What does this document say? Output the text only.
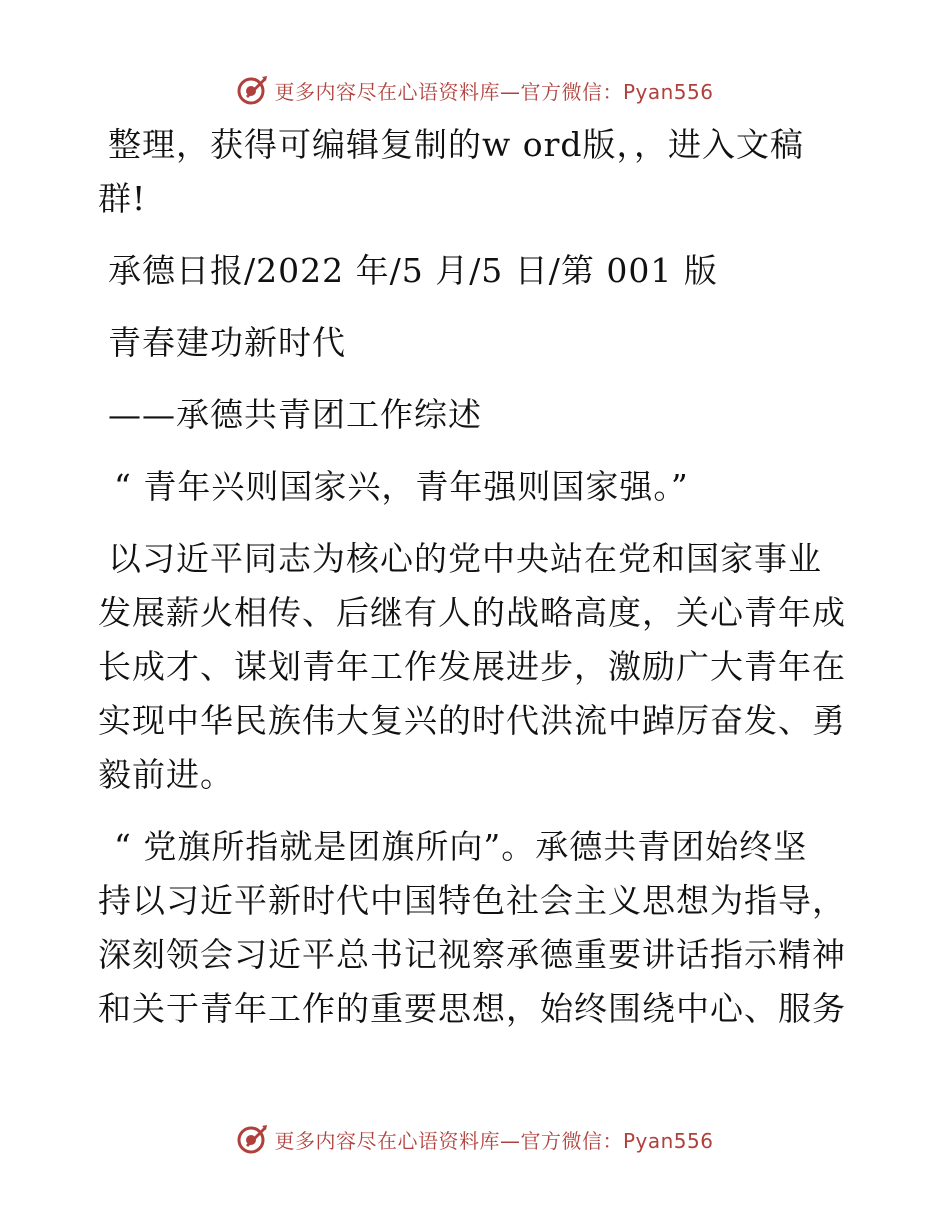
更多内容尽在心语资料库—官方微信：Pyan556
整理，获得可编辑复制的w ord版，，进入文稿
群!
承德日报/2022 年/5 月/5 日/第 001 版
青春建功新时代
——承德共青团工作综述
“ 青年兴则国家兴，青年强则国家强。”
以习近平同志为核心的党中央站在党和国家事业
发展薪火相传、后继有人的战略高度，关心青年成
长成才、谋划青年工作发展进步，激励广大青年在
实现中华民族伟大复兴的时代洪流中踔厉奋发、勇
毅前进。
“ 党旗所指就是团旗所向”。承德共青团始终坚
持以习近平新时代中国特色社会主义思想为指导，
深刻领会习近平总书记视察承德重要讲话指示精神
和关于青年工作的重要思想，始终围绕中心、服务
更多内容尽在心语资料库—官方微信：Pyan556
